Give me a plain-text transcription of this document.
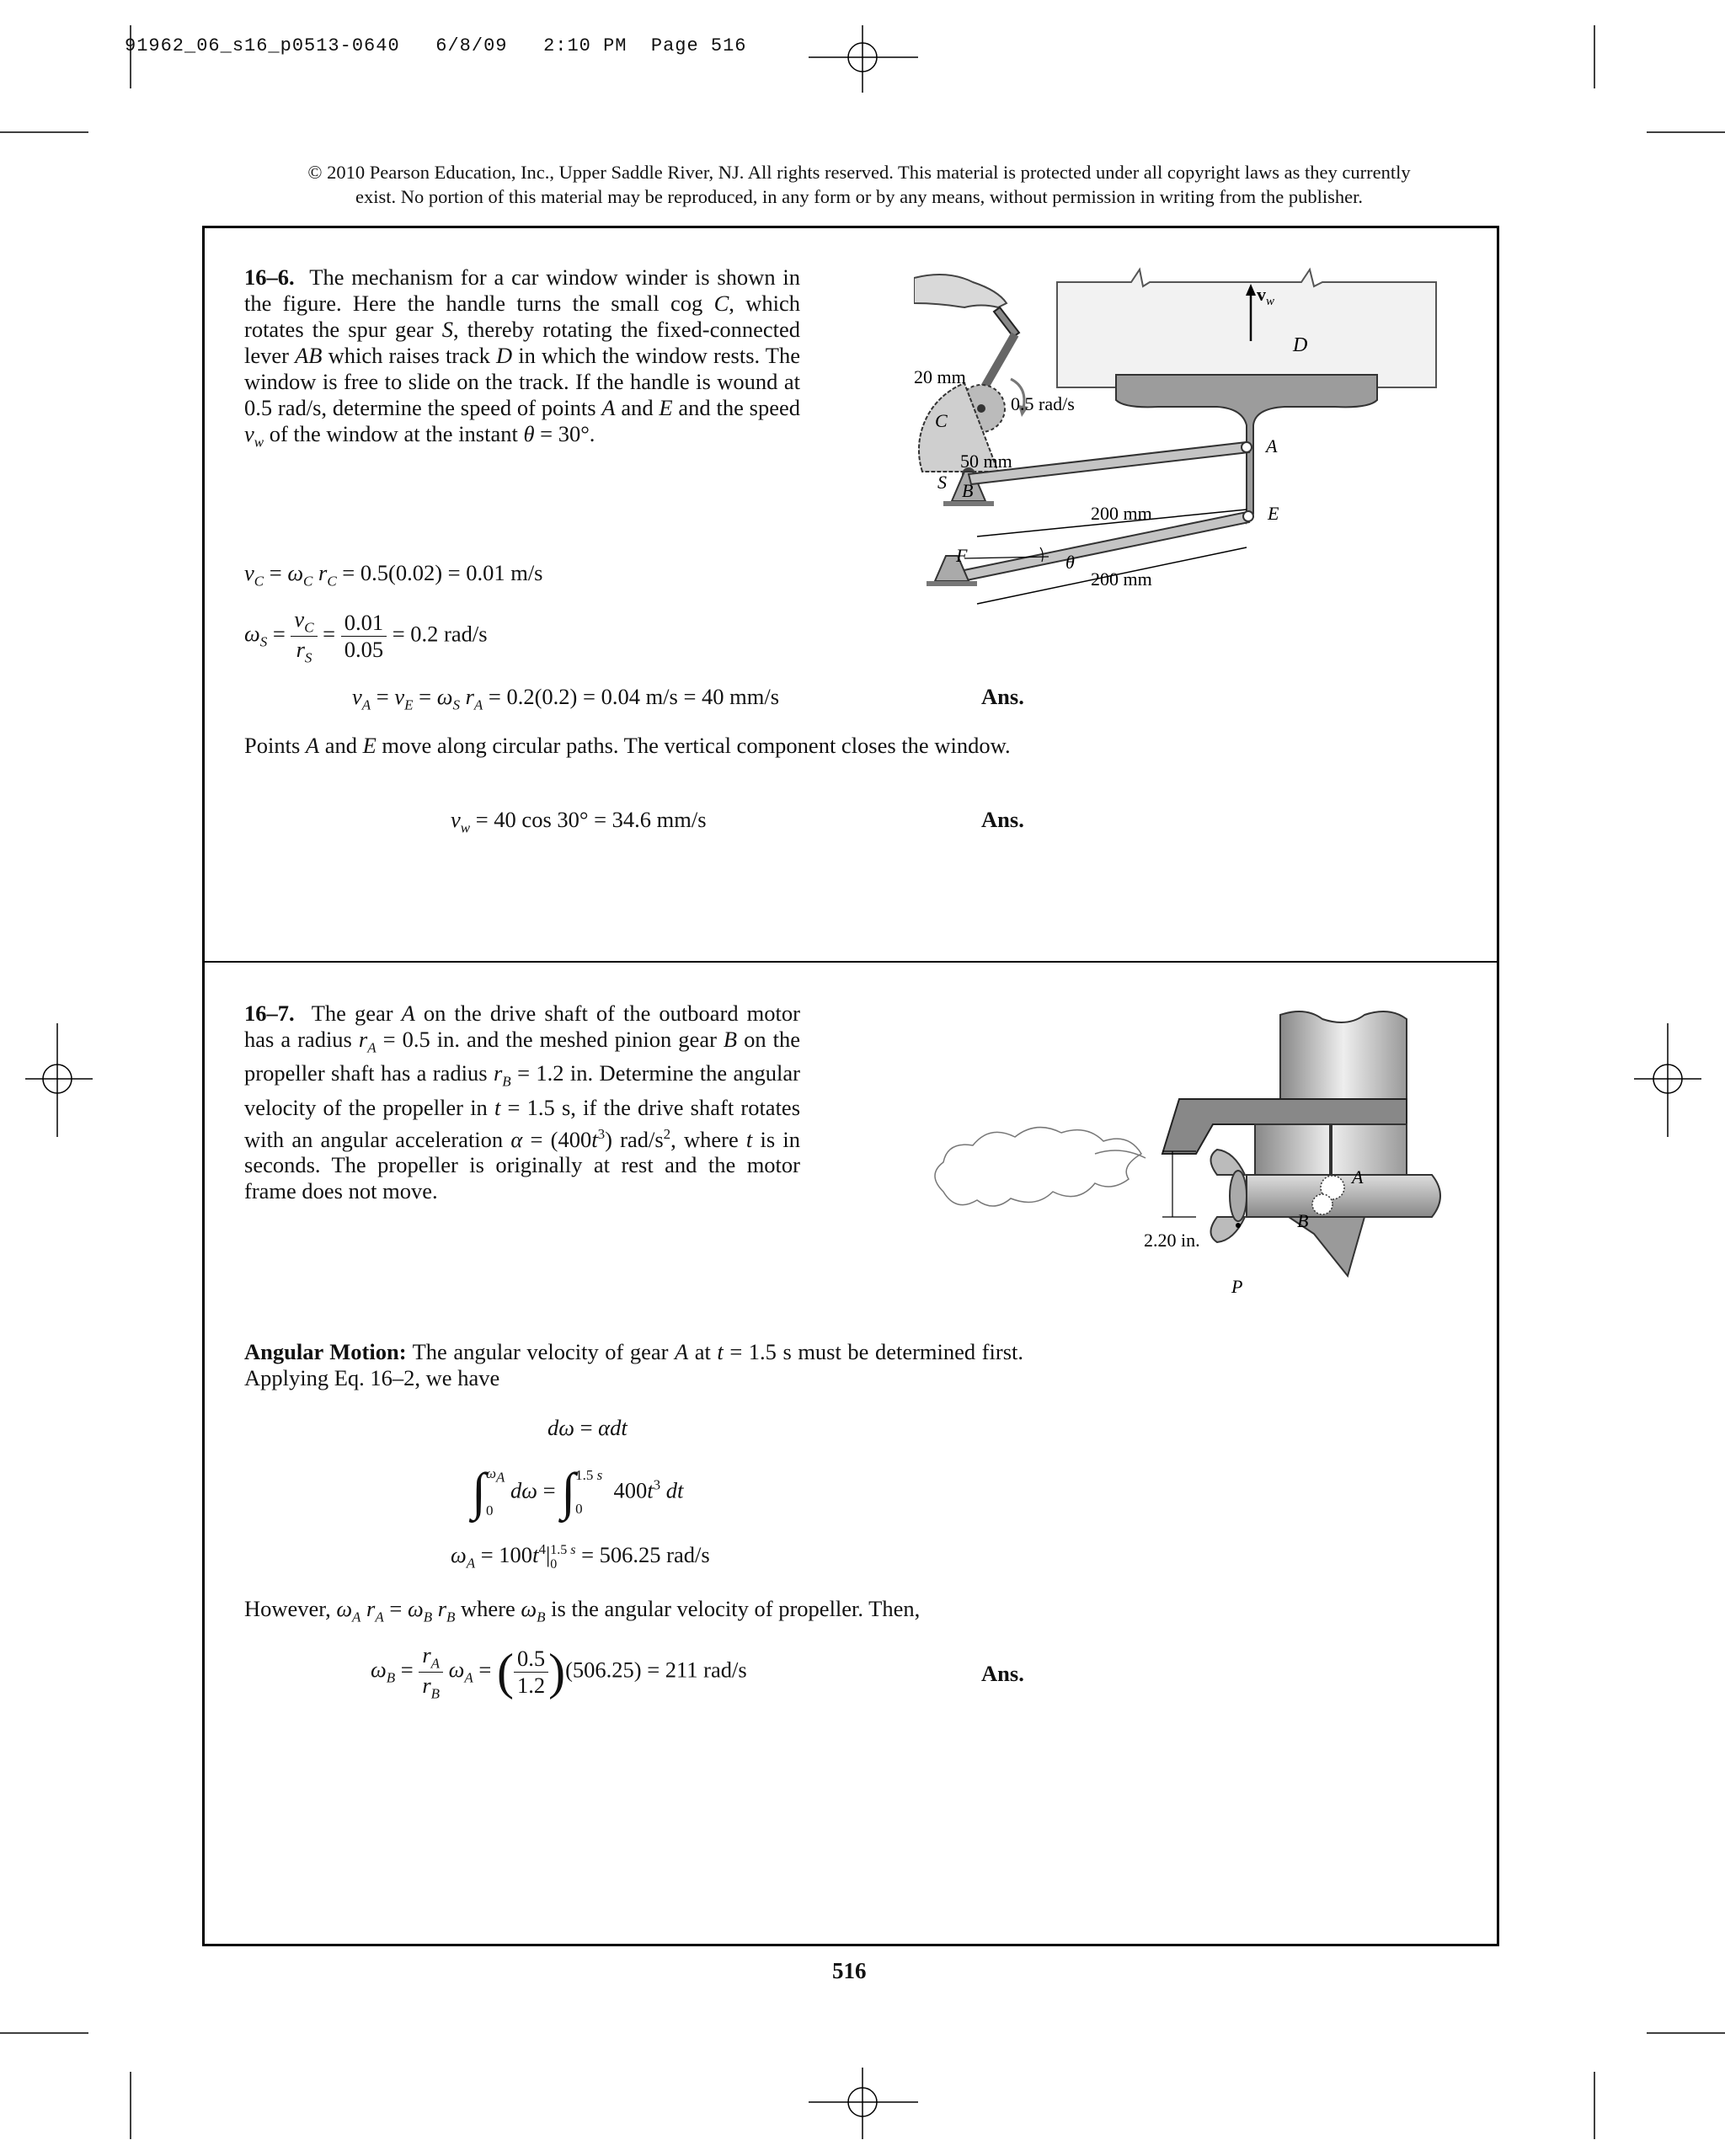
91962_06_s16_p0513-0640   6/8/09   2:10 PM  Page 516
© 2010 Pearson Education, Inc., Upper Saddle River, NJ. All rights reserved. This material is protected under all copyright laws as they currently
exist. No portion of this material may be reproduced, in any form or by any means, without permission in writing from the publisher.
16–6.  The mechanism for a car window winder is shown in the figure. Here the handle turns the small cog C, which rotates the spur gear S, thereby rotating the fixed-connected lever AB which raises track D in which the window rests. The window is free to slide on the track. If the handle is wound at 0.5 rad/s, determine the speed of points A and E and the speed $v_w$ of the window at the instant θ = 30°.
$v_w$
D
20 mm
0.5 rad/s
C
A
50 mm
S B
200 mm	E
F	θ
200 mm
$v_C = \omega_C$ $r_C = 0.5(0.02) = 0.01$ m/s
$\omega_S = \frac{v_C}{r_S} = \frac{0.01}{0.05} = 0.2$ rad/s
$v_A = v_E = \omega_S$ $r_A = 0.2(0.2) = 0.04$ m/s = 40 mm/s	Ans.
Points A and E move along circular paths. The vertical component closes the window.
$v_w = 40$ cos 30° = 34.6 mm/s	Ans.
16–7.  The gear A on the drive shaft of the outboard motor has a radius $r_A = 0.5$ in. and the meshed pinion gear B on the propeller shaft has a radius $r_B = 1.2$ in. Determine the angular velocity of the propeller in t = 1.5 s, if the drive shaft rotates with an angular acceleration $\alpha = (400t^3)$ rad/$s^2$, where t is in seconds. The propeller is originally at rest and the motor frame does not move.
A
B
2.20 in.
P
Angular Motion: The angular velocity of gear A at t = 1.5 s must be determined first. Applying Eq. 16–2, we have
dω = αdt
$\int\omega_A$
0 dω = ∫1.5 s
0  $400t^3$ dt
$\omega_A = 100t^4|1.5$ s
0 = 506.25 rad/s
However, $\omega_A$ $r_A = \omega_B$ $r_B$ where $\omega_B$ is the angular velocity of propeller. Then,
$\omega_B = \frac{r_A}{r_B} \omega_A$ = ( $\frac{0.5}{1.2} )(506.25) = 211$ rad/s	Ans.
516
